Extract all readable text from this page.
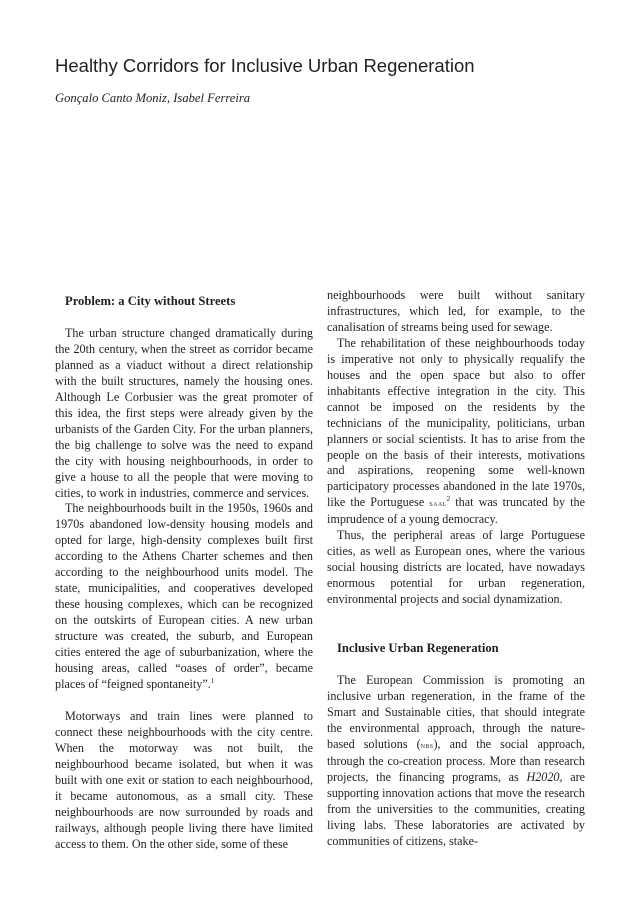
Healthy Corridors for Inclusive Urban Regeneration
Gonçalo Canto Moniz, Isabel Ferreira
Problem: a City without Streets

The urban structure changed dramatically during the 20th century, when the street as corridor became planned as a viaduct without a direct relationship with the built structures, namely the housing ones. Although Le Corbusier was the great promoter of this idea, the first steps were already given by the urbanists of the Garden City. For the urban planners, the big challenge to solve was the need to expand the city with housing neighbourhoods, in order to give a house to all the people that were moving to cities, to work in industries, commerce and services.

The neighbourhoods built in the 1950s, 1960s and 1970s abandoned low-density housing models and opted for large, high-density complexes built first according to the Athens Charter schemes and then according to the neighbourhood units model. The state, municipalities, and cooperatives developed these housing complexes, which can be recognized on the outskirts of European cities. A new urban structure was created, the suburb, and European cities entered the age of suburbanization, where the housing areas, called “oases of order”, became places of “feigned spontaneity”.$^1$

Motorways and train lines were planned to connect these neighbourhoods with the city centre. When the motorway was not built, the neighbourhood became isolated, but when it was built with one exit or station to each neighbourhood, it became autonomous, as a small city. These neighbourhoods are now surrounded by roads and railways, although people living there have limited access to them. On the other side, some of these

neighbourhoods were built without sanitary infrastructures, which led, for example, to the canalisation of streams being used for sewage.

The rehabilitation of these neighbourhoods today is imperative not only to physically requalify the houses and the open space but also to offer inhabitants effective integration in the city. This cannot be imposed on the residents by the technicians of the municipality, politicians, urban planners or social scientists. It has to arise from the people on the basis of their interests, motivations and aspirations, reopening some well-known participatory processes abandoned in the late 1970s, like the Portuguese saal$^2$ that was truncated by the imprudence of a young democracy.

Thus, the peripheral areas of large Portuguese cities, as well as European ones, where the various social housing districts are located, have nowadays enormous potential for urban regeneration, environmental projects and social dynamization.

Inclusive Urban Regeneration

The European Commission is promoting an inclusive urban regeneration, in the frame of the Smart and Sustainable cities, that should integrate the environmental approach, through the nature-based solutions (nbs), and the social approach, through the co-creation process. More than research projects, the financing programs, as H2020, are supporting innovation actions that move the research from the universities to the communities, creating living labs. These laboratories are activated by communities of citizens, stake-
